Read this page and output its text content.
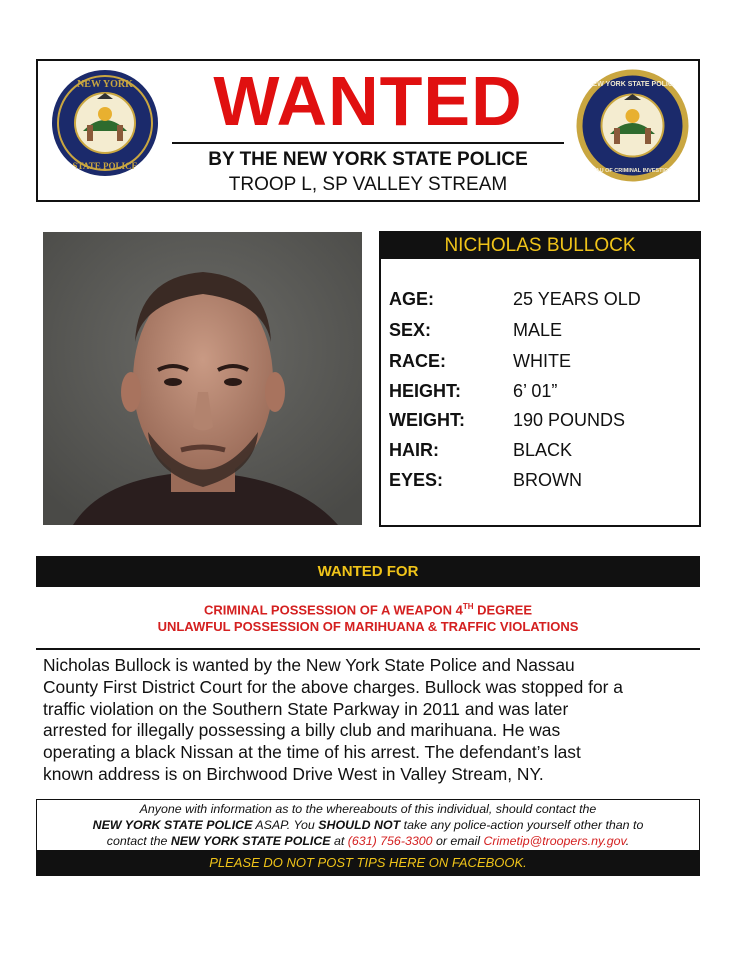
NEW YORK
STATE POLICE
NEW YORK STATE POLICE
BUREAU OF CRIMINAL INVESTIGATION
WANTED
BY THE NEW YORK STATE POLICE
TROOP L, SP VALLEY STREAM
NICHOLAS BULLOCK
AGE:	25 YEARS OLD
SEX:	MALE
RACE:	WHITE
HEIGHT:	6’ 01”
WEIGHT:	190 POUNDS
HAIR:	BLACK
EYES:	BROWN
WANTED FOR
CRIMINAL POSSESSION OF A WEAPON 4TH DEGREE
UNLAWFUL POSSESSION OF MARIHUANA & TRAFFIC VIOLATIONS
Nicholas Bullock is wanted by the New York State Police and Nassau
County First District Court for the above charges. Bullock was stopped for a
traffic violation on the Southern State Parkway in 2011 and was later
arrested for illegally possessing a billy club and marihuana. He was
operating a black Nissan at the time of his arrest. The defendant’s last
known address is on Birchwood Drive West in Valley Stream, NY.
Anyone with information as to the whereabouts of this individual, should contact the
NEW YORK STATE POLICE ASAP. You SHOULD NOT take any police-action yourself other than to
contact the NEW YORK STATE POLICE at (631) 756-3300 or email Crimetip@troopers.ny.gov.
PLEASE DO NOT POST TIPS HERE ON FACEBOOK.
